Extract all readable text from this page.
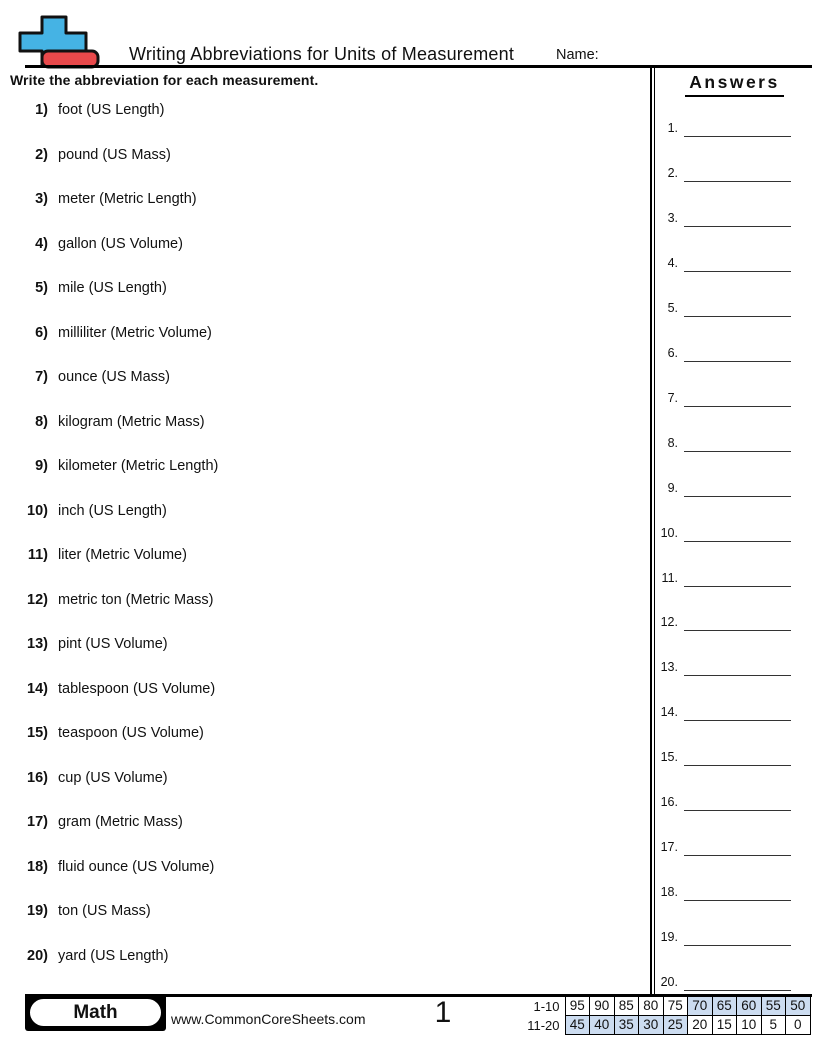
Writing Abbreviations for Units of Measurement	Name:
Write the abbreviation for each measurement.
1) foot (US Length)
2) pound (US Mass)
3) meter (Metric Length)
4) gallon (US Volume)
5) mile (US Length)
6) milliliter (Metric Volume)
7) ounce (US Mass)
8) kilogram (Metric Mass)
9) kilometer (Metric Length)
10) inch (US Length)
11) liter (Metric Volume)
12) metric ton (Metric Mass)
13) pint (US Volume)
14) tablespoon (US Volume)
15) teaspoon (US Volume)
16) cup (US Volume)
17) gram (Metric Mass)
18) fluid ounce (US Volume)
19) ton (US Mass)
20) yard (US Length)
Answers
1.
2.
3.
4.
5.
6.
7.
8.
9.
10.
11.
12.
13.
14.
15.
16.
17.
18.
19.
20.
Math	www.CommonCoreSheets.com	1	1-10	95	90	85	80	75	70	65	60	55	50
11-20	45	40	35	30	25	20	15	10	5	0
